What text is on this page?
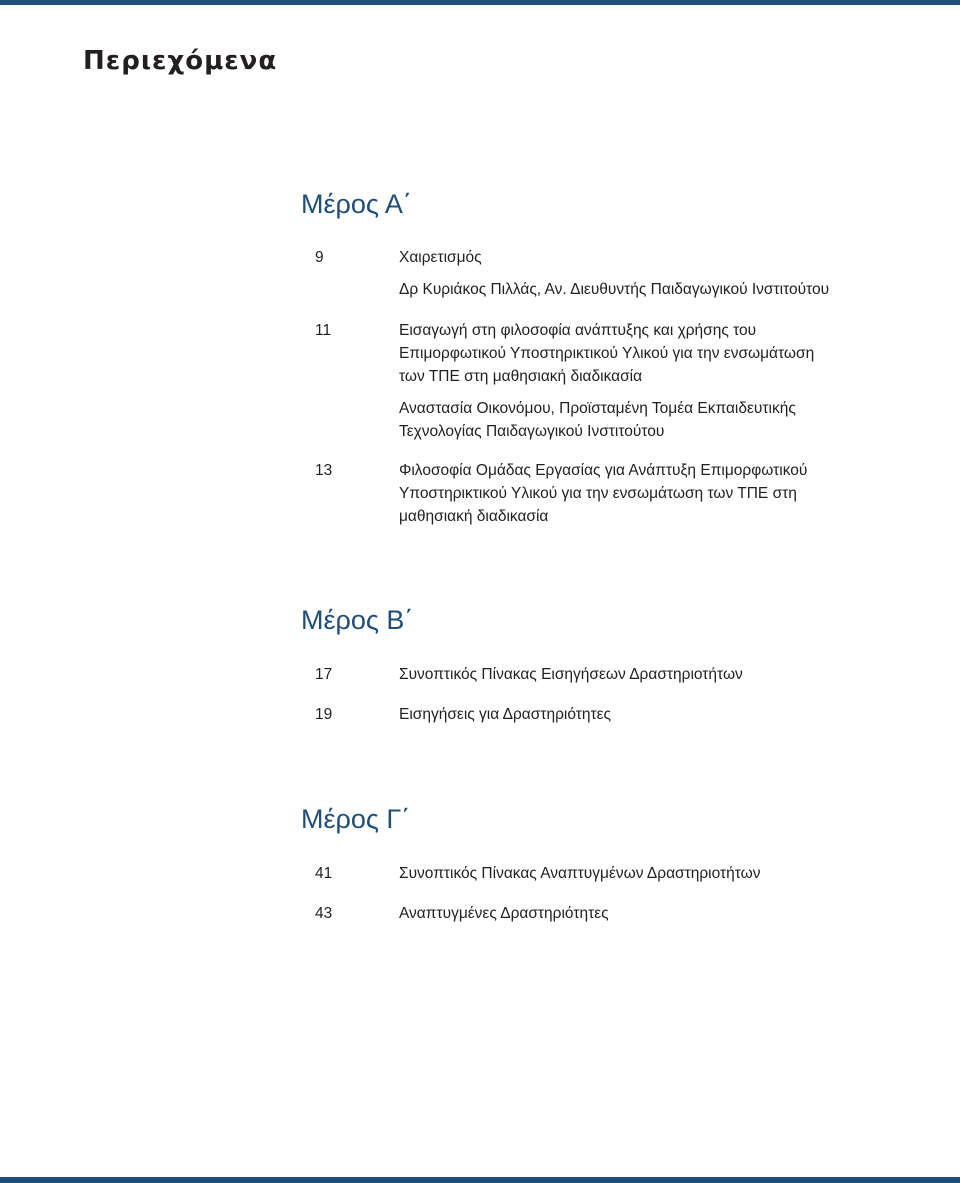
Περιεχόμενα
Μέρος Α΄
9	Χαιρετισμός
Δρ Κυριάκος Πιλλάς, Αν. Διευθυντής Παιδαγωγικού Ινστιτούτου
11	Εισαγωγή στη φιλοσοφία ανάπτυξης και χρήσης του
Επιμορφωτικού Υποστηρικτικού Υλικού για την ενσωμάτωση
των ΤΠΕ στη μαθησιακή διαδικασία
Αναστασία Οικονόμου, Προϊσταμένη Τομέα Εκπαιδευτικής
Τεχνολογίας Παιδαγωγικού Ινστιτούτου
13	Φιλοσοφία Ομάδας Εργασίας για Ανάπτυξη Επιμορφωτικού
Υποστηρικτικού Υλικού για την ενσωμάτωση των ΤΠΕ στη
μαθησιακή διαδικασία
Μέρος Β΄
17	Συνοπτικός Πίνακας Εισηγήσεων Δραστηριοτήτων
19	Εισηγήσεις για Δραστηριότητες
Μέρος Γ΄
41	Συνοπτικός Πίνακας Αναπτυγμένων Δραστηριοτήτων
43	Αναπτυγμένες Δραστηριότητες
